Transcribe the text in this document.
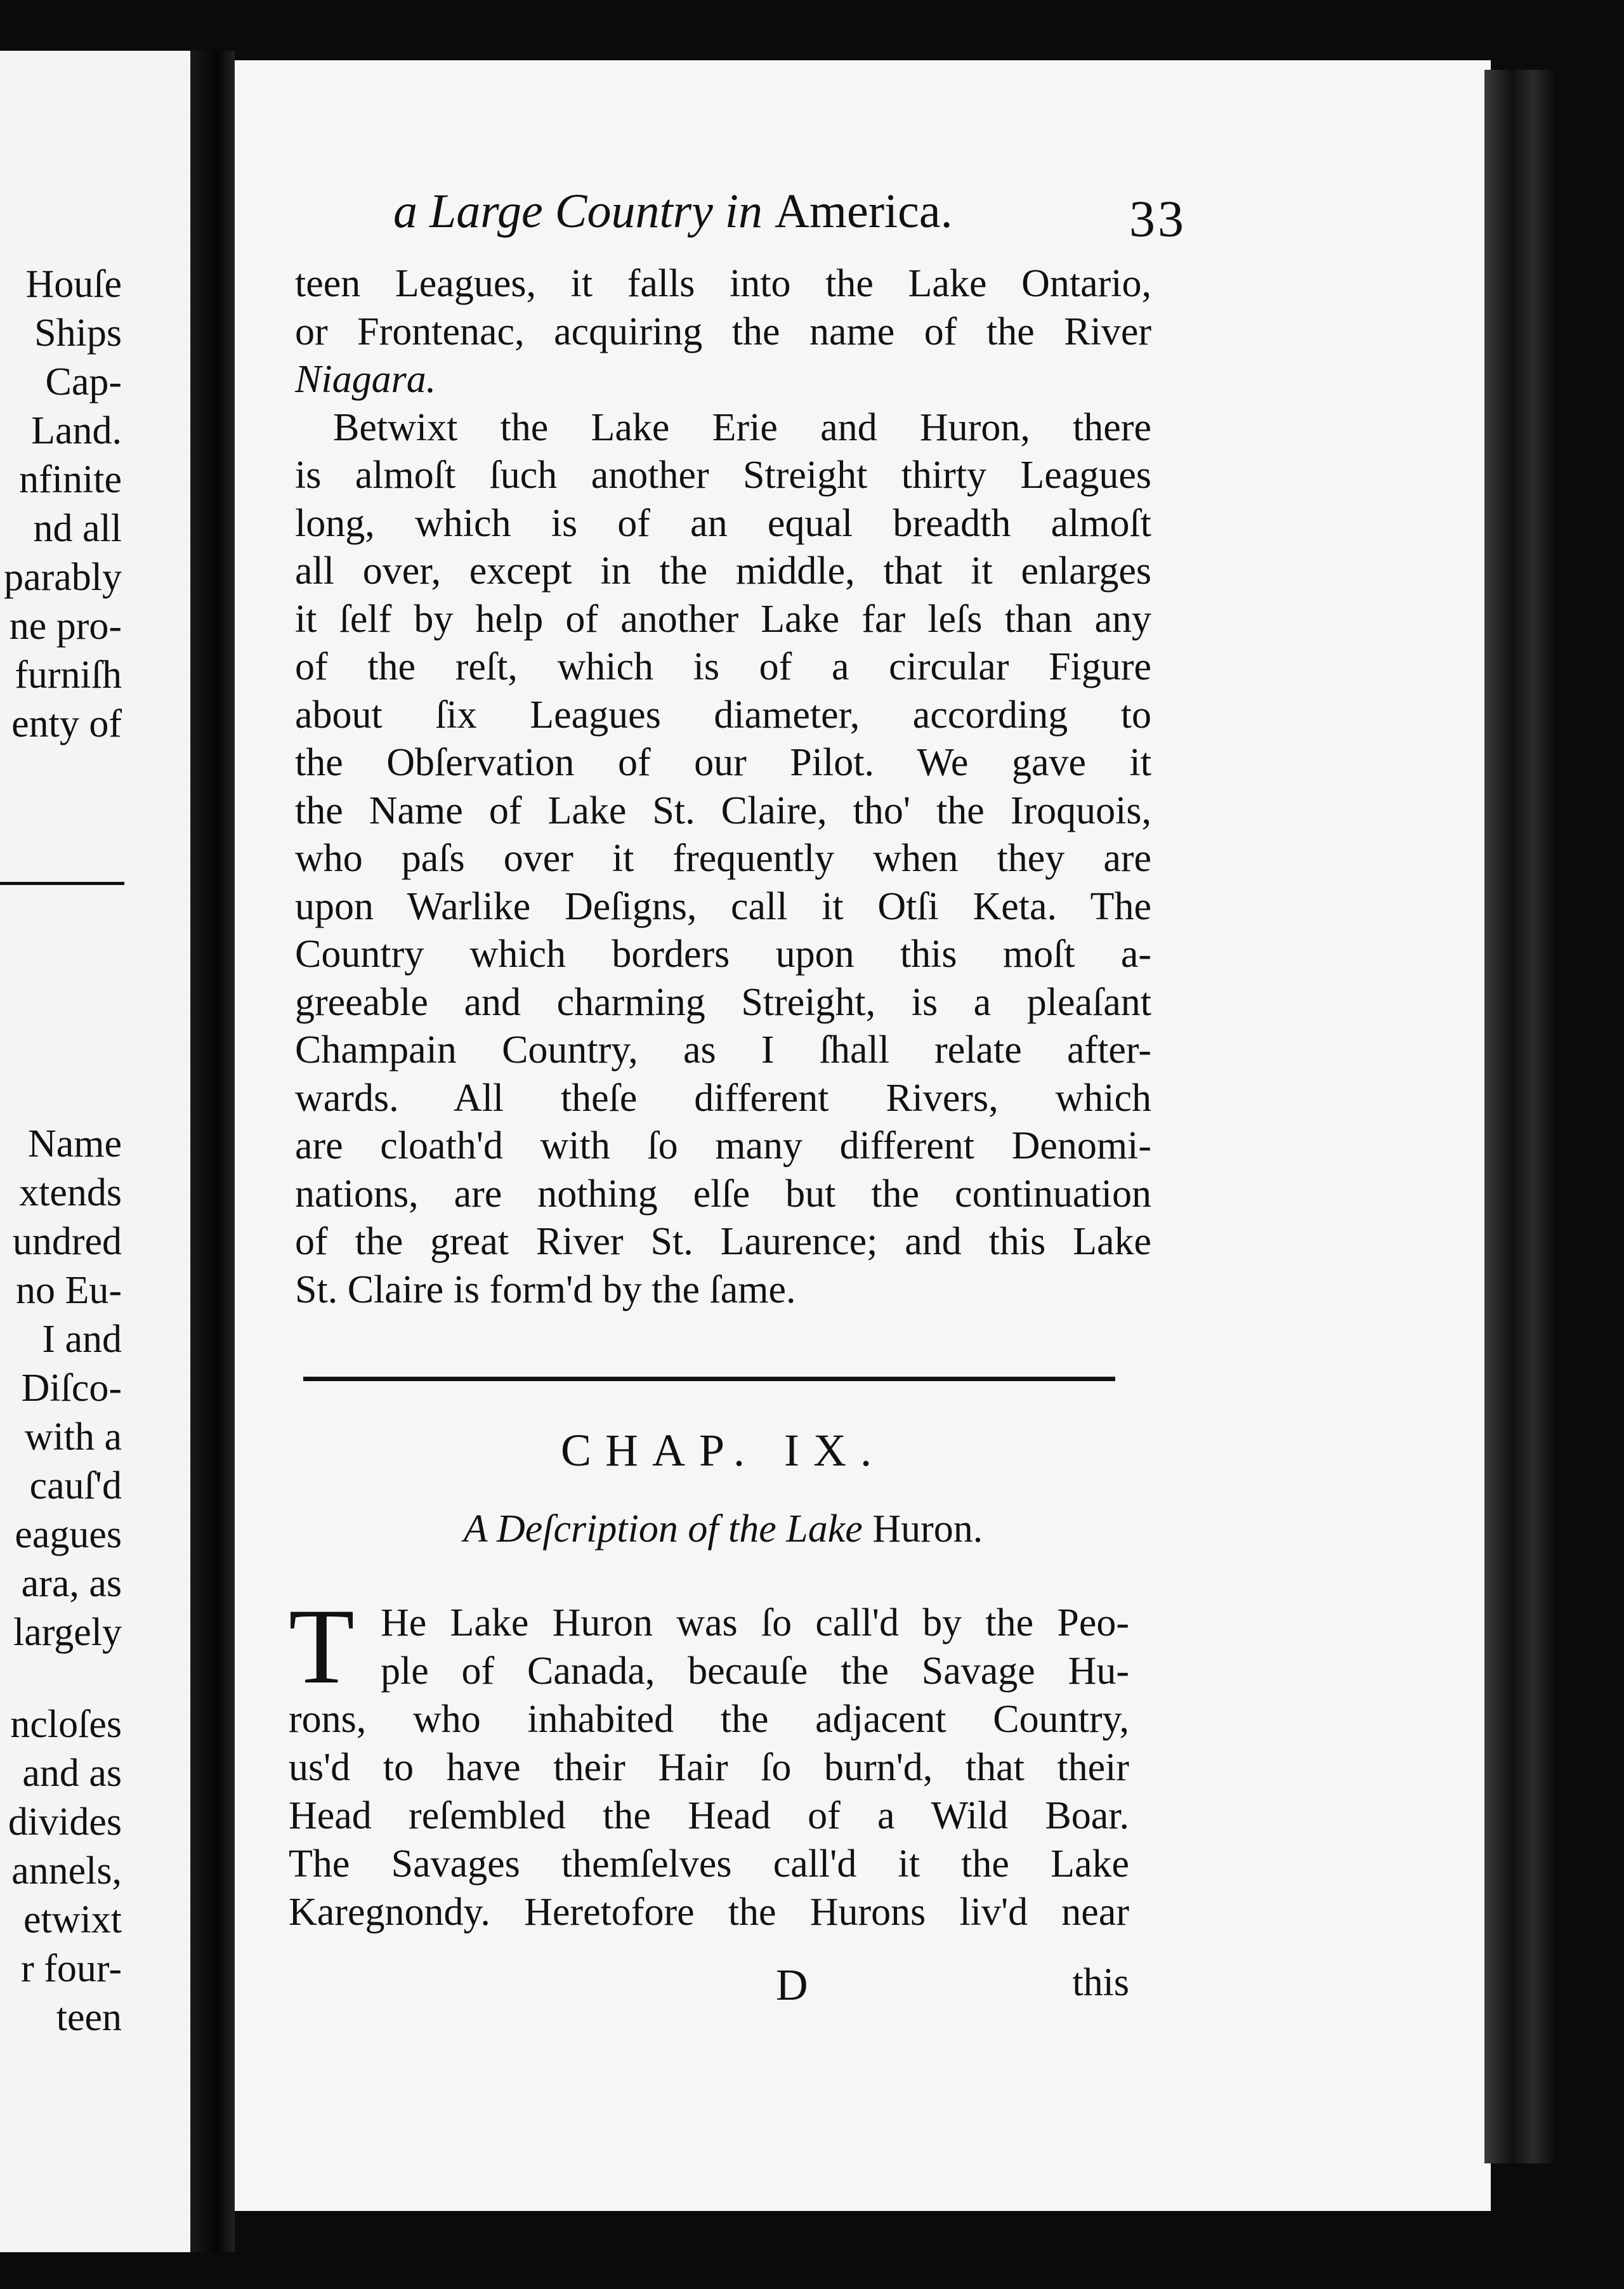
Houſe
Ships
Cap-
Land.
nfinite
nd all
parably
ne pro-
furniſh
enty of
Name
xtends
undred
no Eu-
I and
Diſco-
with a
cauſ'd
eagues
ara, as
largely
ncloſes
and as
divides
annels,
etwixt
r four-
teen
a Large Country in America.	33
teen Leagues, it falls into the Lake Ontario,
or Frontenac, acquiring the name of the River
Niagara.
Betwixt the Lake Erie and Huron, there
is almoſt ſuch another Streight thirty Leagues
long, which is of an equal breadth almoſt
all over, except in the middle, that it enlarges
it ſelf by help of another Lake far leſs than any
of the reſt, which is of a circular Figure
about ſix Leagues diameter, according to
the Obſervation of our Pilot. We gave it
the Name of Lake St. Claire, tho' the Iroquois,
who paſs over it frequently when they are
upon Warlike Deſigns, call it Otſi Keta. The
Country which borders upon this moſt a-
greeable and charming Streight, is a pleaſant
Champain Country, as I ſhall relate after-
wards. All theſe different Rivers, which
are cloath'd with ſo many different Denomi-
nations, are nothing elſe but the continuation
of the great River St. Laurence; and this Lake
St. Claire is form'd by the ſame.
CHAP. IX.
A Deſcription of the Lake Huron.
T He Lake Huron was ſo call'd by the Peo-
ple of Canada, becauſe the Savage Hu-
rons, who inhabited the adjacent Country,
us'd to have their Hair ſo burn'd, that their
Head reſembled the Head of a Wild Boar.
The Savages themſelves call'd it the Lake
Karegnondy. Heretofore the Hurons liv'd near
D	this
